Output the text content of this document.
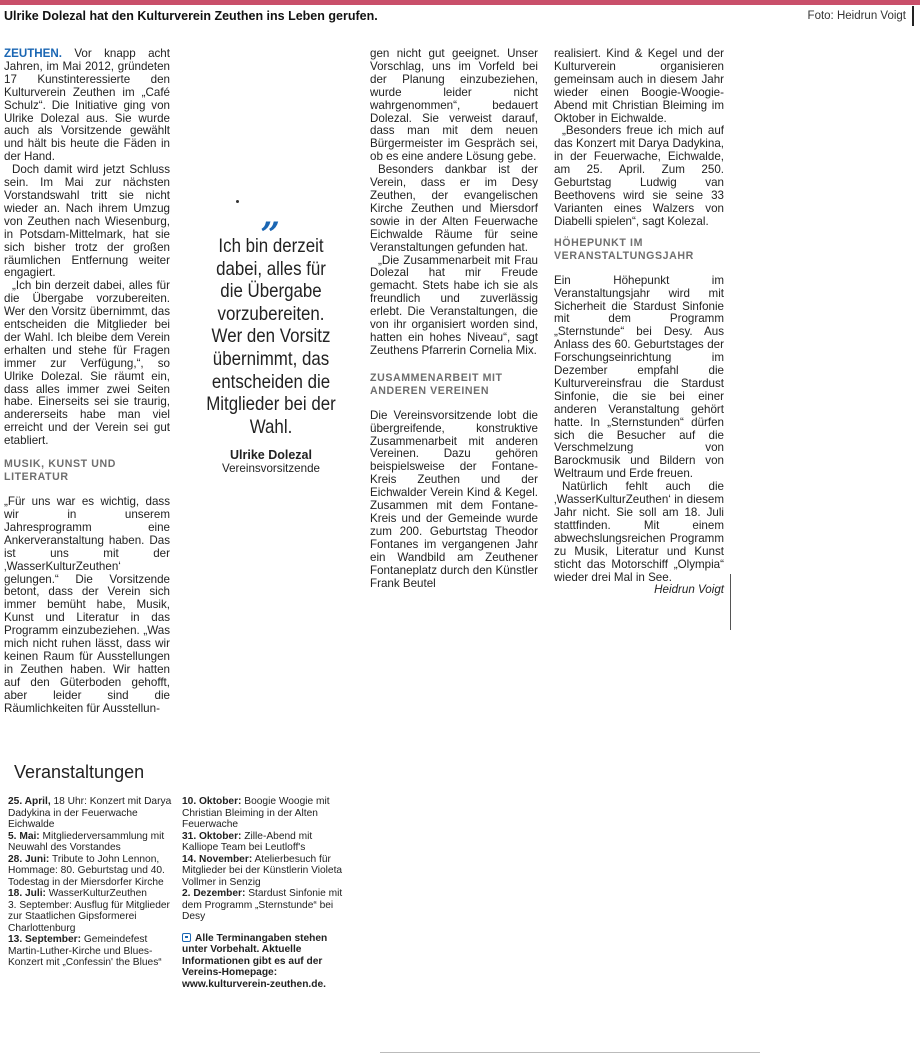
Ulrike Dolezal hat den Kulturverein Zeuthen ins Leben gerufen.	Foto: Heidrun Voigt

ZEUTHEN. Vor knapp acht Jahren, im Mai 2012, gründeten 17 Kunstinteressierte den Kulturverein Zeuthen im „Café Schulz“. Die Initiative ging von Ulrike Dolezal aus. Sie wurde auch als Vorsitzende gewählt und hält bis heute die Fäden in der Hand.

Doch damit wird jetzt Schluss sein. Im Mai zur nächsten Vorstandswahl tritt sie nicht wieder an. Nach ihrem Umzug von Zeuthen nach Wiesenburg, in Potsdam-Mittelmark, hat sie sich bisher trotz der großen räumlichen Entfernung weiter engagiert.

„Ich bin derzeit dabei, alles für die Übergabe vorzubereiten. Wer den Vorsitz übernimmt, das entscheiden die Mitglieder bei der Wahl. Ich bleibe dem Verein erhalten und stehe für Fragen immer zur Verfügung,“, so Ulrike Dolezal. Sie räumt ein, dass alles immer zwei Seiten habe. Einerseits sei sie traurig, andererseits habe man viel erreicht und der Verein sei gut etabliert.

MUSIK, KUNST UND LITERATUR

„Für uns war es wichtig, dass wir in unserem Jahresprogramm eine Ankerveranstaltung haben. Das ist uns mit der ‚WasserKulturZeuthen‘ gelungen.“ Die Vorsitzende betont, dass der Verein sich immer bemüht habe, Musik, Kunst und Literatur in das Programm einzubeziehen. „Was mich nicht ruhen lässt, dass wir keinen Raum für Ausstellungen in Zeuthen haben. Wir hatten auf den Güterboden gehofft, aber leider sind die Räumlichkeiten für Ausstellun-

„
Ich bin derzeit dabei, alles für die Übergabe vorzubereiten. Wer den Vorsitz übernimmt, das entscheiden die Mitglieder bei der Wahl.
Ulrike Dolezal
Vereinsvorsitzende

gen nicht gut geeignet. Unser Vorschlag, uns im Vorfeld bei der Planung einzubeziehen, wurde leider nicht wahrgenommen“, bedauert Dolezal. Sie verweist darauf, dass man mit dem neuen Bürgermeister im Gespräch sei, ob es eine andere Lösung gebe.

Besonders dankbar ist der Verein, dass er im Desy Zeuthen, der evangelischen Kirche Zeuthen und Miersdorf sowie in der Alten Feuerwache Eichwalde Räume für seine Veranstaltungen gefunden hat.

„Die Zusammenarbeit mit Frau Dolezal hat mir Freude gemacht. Stets habe ich sie als freundlich und zuverlässig erlebt. Die Veranstaltungen, die von ihr organisiert worden sind, hatten ein hohes Niveau“, sagt Zeuthens Pfarrerin Cornelia Mix.

ZUSAMMENARBEIT MIT ANDEREN VEREINEN

Die Vereinsvorsitzende lobt die übergreifende, konstruktive Zusammenarbeit mit anderen Vereinen. Dazu gehören beispielsweise der Fontane-Kreis Zeuthen und der Eichwalder Verein Kind & Kegel. Zusammen mit dem Fontane-Kreis und der Gemeinde wurde zum 200. Geburtstag Theodor Fontanes im vergangenen Jahr ein Wandbild am Zeuthener Fontaneplatz durch den Künstler Frank Beutel

realisiert. Kind & Kegel und der Kulturverein organisieren gemeinsam auch in diesem Jahr wieder einen Boogie-Woogie-Abend mit Christian Bleiming im Oktober in Eichwalde.

„Besonders freue ich mich auf das Konzert mit Darya Dadykina, in der Feuerwache, Eichwalde, am 25. April. Zum 250. Geburtstag Ludwig van Beethovens wird sie seine 33 Varianten eines Walzers von Diabelli spielen“, sagt Kolezal.

HÖHEPUNKT IM VERANSTALTUNGSJAHR

Ein Höhepunkt im Veranstaltungsjahr wird mit Sicherheit die Stardust Sinfonie mit dem Programm „Sternstunde“ bei Desy. Aus Anlass des 60. Geburtstages der Forschungseinrichtung im Dezember empfahl die Kulturvereinsfrau die Stardust Sinfonie, die sie bei einer anderen Veranstaltung gehört hatte. In „Sternstunden“ dürfen sich die Besucher auf die Verschmelzung von Barockmusik und Bildern von Weltraum und Erde freuen.

Natürlich fehlt auch die ‚WasserKulturZeuthen‘ in diesem Jahr nicht. Sie soll am 18. Juli stattfinden. Mit einem abwechslungsreichen Programm zu Musik, Literatur und Kunst sticht das Motorschiff „Olympia“ wieder drei Mal in See.
Heidrun Voigt

Veranstaltungen

25. April, 18 Uhr: Konzert mit Darya Dadykina in der Feuerwache Eichwalde

5. Mai: Mitgliederversammlung mit Neuwahl des Vorstandes

28. Juni: Tribute to John Lennon, Hommage: 80. Geburtstag und 40. Todestag in der Miersdorfer Kirche

18. Juli: WasserKulturZeuthen

3. September: Ausflug für Mitglieder zur Staatlichen Gipsformerei Charlottenburg

13. September: Gemeindefest Martin-Luther-Kirche und Blues-Konzert mit „Confessin' the Blues“

10. Oktober: Boogie Woogie mit Christian Bleiming in der Alten Feuerwache

31. Oktober: Zille-Abend mit Kalliope Team bei Leutloff's

14. November: Atelierbesuch für Mitglieder bei der Künstlerin Violeta Vollmer in Senzig

2. Dezember: Stardust Sinfonie mit dem Programm „Sternstunde“ bei Desy

Alle Terminangaben stehen unter Vorbehalt. Aktuelle Informationen gibt es auf der Vereins-Homepage: www.kulturverein-zeuthen.de.
